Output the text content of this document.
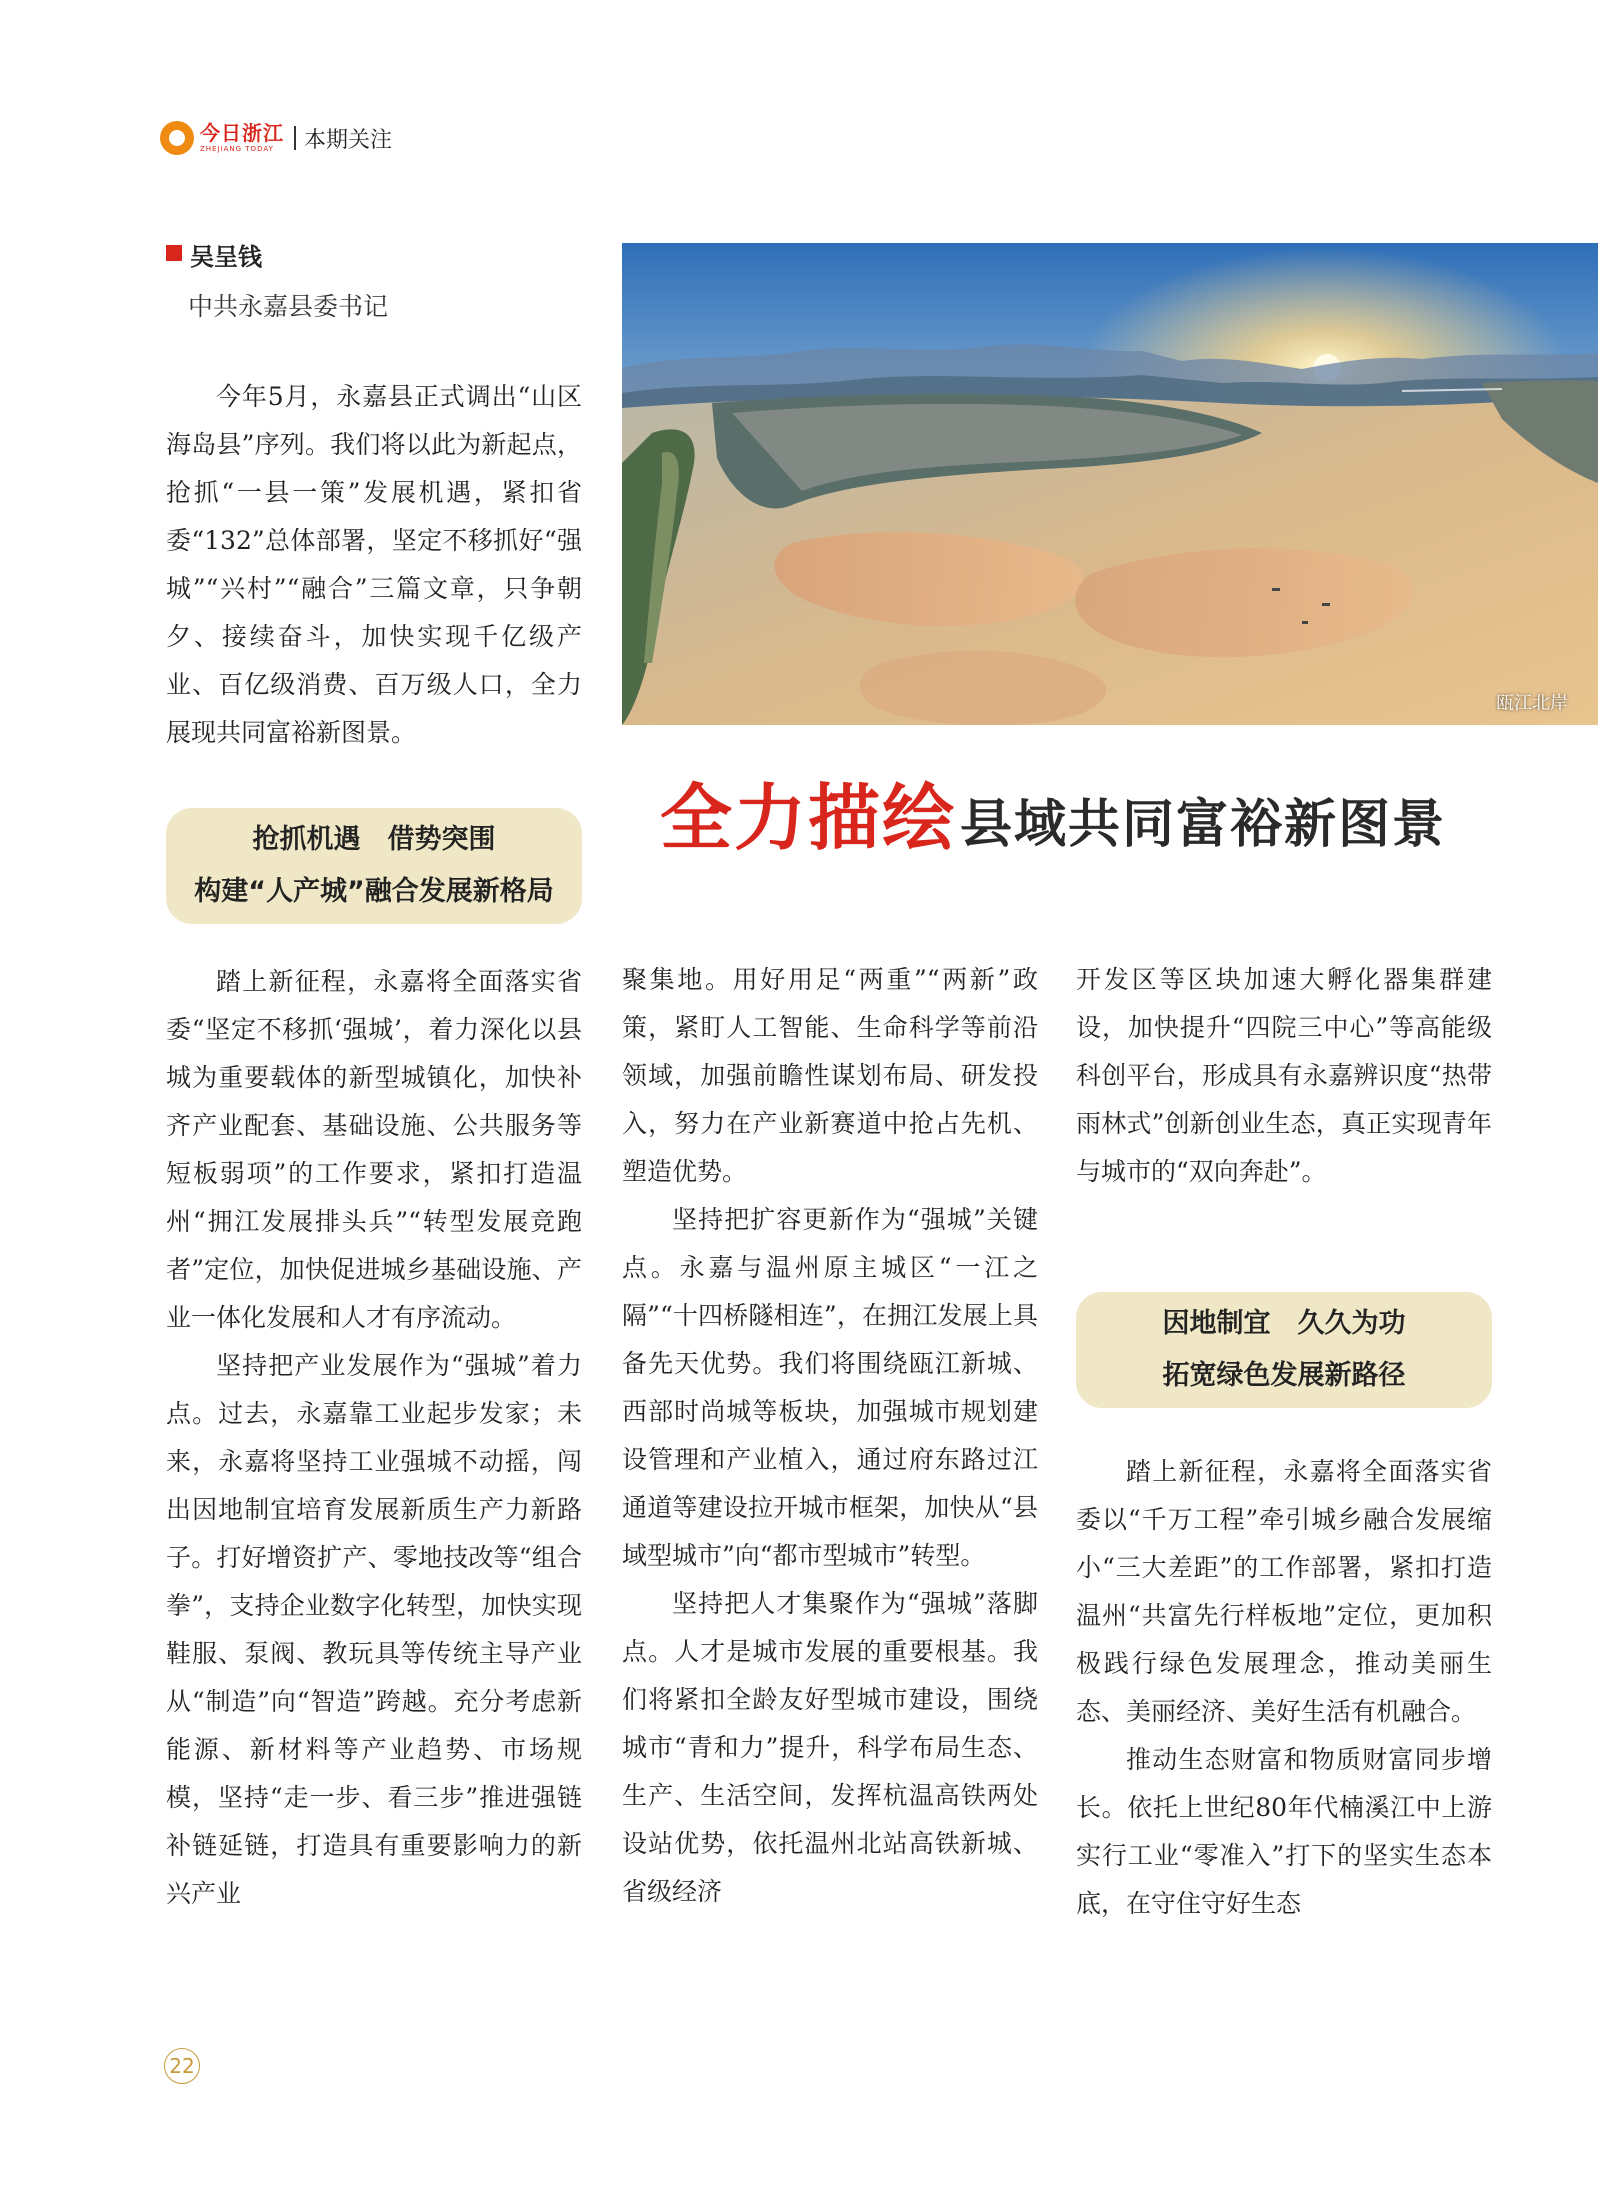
今日浙江
ZHEJIANG TODAY	本期关注
吴呈钱
中共永嘉县委书记

今年5月，永嘉县正式调出“山区海岛县”序列。我们将以此为新起点，抢抓“一县一策”发展机遇，紧扣省委“132”总体部署，坚定不移抓好“强城”“兴村”“融合”三篇文章，只争朝夕、接续奋斗，加快实现千亿级产业、百亿级消费、百万级人口，全力展现共同富裕新图景。

瓯江北岸
全力描绘 县域共同富裕新图景
抢抓机遇　借势突围
构建“人产城”融合发展新格局

踏上新征程，永嘉将全面落实省委“坚定不移抓‘强城’，着力深化以县城为重要载体的新型城镇化，加快补齐产业配套、基础设施、公共服务等短板弱项”的工作要求，紧扣打造温州“拥江发展排头兵”“转型发展竞跑者”定位，加快促进城乡基础设施、产业一体化发展和人才有序流动。

坚持把产业发展作为“强城”着力点。过去，永嘉靠工业起步发家；未来，永嘉将坚持工业强城不动摇，闯出因地制宜培育发展新质生产力新路子。打好增资扩产、零地技改等“组合拳”，支持企业数字化转型，加快实现鞋服、泵阀、教玩具等传统主导产业从“制造”向“智造”跨越。充分考虑新能源、新材料等产业趋势、市场规模，坚持“走一步、看三步”推进强链补链延链，打造具有重要影响力的新兴产业

聚集地。用好用足“两重”“两新”政策，紧盯人工智能、生命科学等前沿领域，加强前瞻性谋划布局、研发投入，努力在产业新赛道中抢占先机、塑造优势。

坚持把扩容更新作为“强城”关键点。永嘉与温州原主城区“一江之隔”“十四桥隧相连”，在拥江发展上具备先天优势。我们将围绕瓯江新城、西部时尚城等板块，加强城市规划建设管理和产业植入，通过府东路过江通道等建设拉开城市框架，加快从“县域型城市”向“都市型城市”转型。

坚持把人才集聚作为“强城”落脚点。人才是城市发展的重要根基。我们将紧扣全龄友好型城市建设，围绕城市“青和力”提升，科学布局生态、生产、生活空间，发挥杭温高铁两处设站优势，依托温州北站高铁新城、省级经济

开发区等区块加速大孵化器集群建设，加快提升“四院三中心”等高能级科创平台，形成具有永嘉辨识度“热带雨林式”创新创业生态，真正实现青年与城市的“双向奔赴”。

因地制宜　久久为功
拓宽绿色发展新路径

踏上新征程，永嘉将全面落实省委以“千万工程”牵引城乡融合发展缩小“三大差距”的工作部署，紧扣打造温州“共富先行样板地”定位，更加积极践行绿色发展理念，推动美丽生态、美丽经济、美好生活有机融合。

推动生态财富和物质财富同步增长。依托上世纪80年代楠溪江中上游实行工业“零准入”打下的坚实生态本底，在守住守好生态

22
